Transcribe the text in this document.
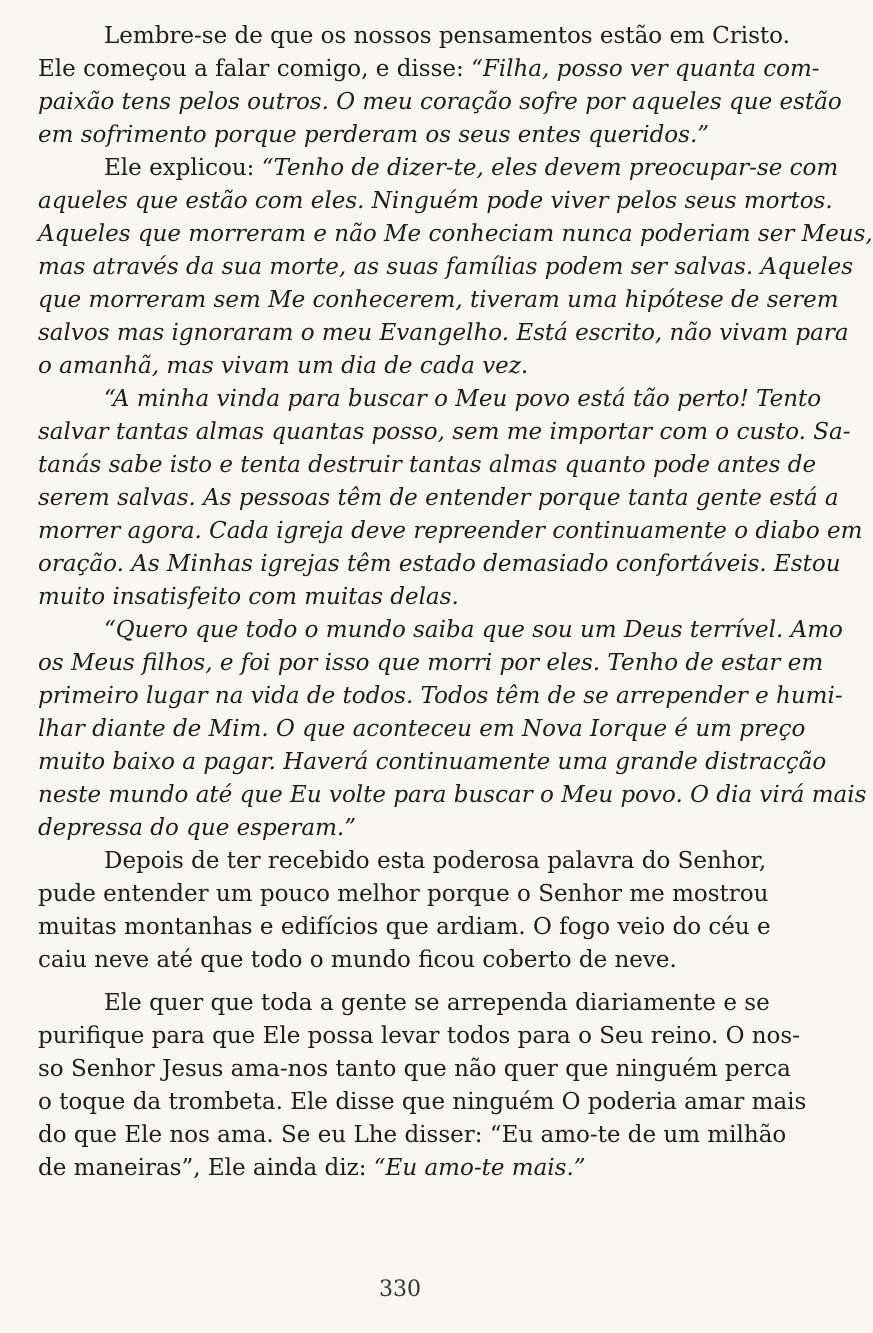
Lembre-se de que os nossos pensamentos estão em Cristo.
Ele começou a falar comigo, e disse: “Filha, posso ver quanta com-
paixão tens pelos outros. O meu coração sofre por aqueles que estão
em sofrimento porque perderam os seus entes queridos.”
Ele explicou: “Tenho de dizer-te, eles devem preocupar-se com
aqueles que estão com eles. Ninguém pode viver pelos seus mortos.
Aqueles que morreram e não Me conheciam nunca poderiam ser Meus,
mas através da sua morte, as suas famílias podem ser salvas. Aqueles
que morreram sem Me conhecerem, tiveram uma hipótese de serem
salvos mas ignoraram o meu Evangelho. Está escrito, não vivam para
o amanhã, mas vivam um dia de cada vez.
“A minha vinda para buscar o Meu povo está tão perto! Tento
salvar tantas almas quantas posso, sem me importar com o custo. Sa-
tanás sabe isto e tenta destruir tantas almas quanto pode antes de
serem salvas. As pessoas têm de entender porque tanta gente está a
morrer agora. Cada igreja deve repreender continuamente o diabo em
oração. As Minhas igrejas têm estado demasiado confortáveis. Estou
muito insatisfeito com muitas delas.
“Quero que todo o mundo saiba que sou um Deus terrível. Amo
os Meus filhos, e foi por isso que morri por eles. Tenho de estar em
primeiro lugar na vida de todos. Todos têm de se arrepender e humi-
lhar diante de Mim. O que aconteceu em Nova Iorque é um preço
muito baixo a pagar. Haverá continuamente uma grande distracção
neste mundo até que Eu volte para buscar o Meu povo. O dia virá mais
depressa do que esperam.”
Depois de ter recebido esta poderosa palavra do Senhor,
pude entender um pouco melhor porque o Senhor me mostrou
muitas montanhas e edifícios que ardiam. O fogo veio do céu e
caiu neve até que todo o mundo ficou coberto de neve.
Ele quer que toda a gente se arrependa diariamente e se
purifique para que Ele possa levar todos para o Seu reino. O nos-
so Senhor Jesus ama-nos tanto que não quer que ninguém perca
o toque da trombeta. Ele disse que ninguém O poderia amar mais
do que Ele nos ama. Se eu Lhe disser: “Eu amo-te de um milhão
de maneiras”, Ele ainda diz: “Eu amo-te mais.”
330
